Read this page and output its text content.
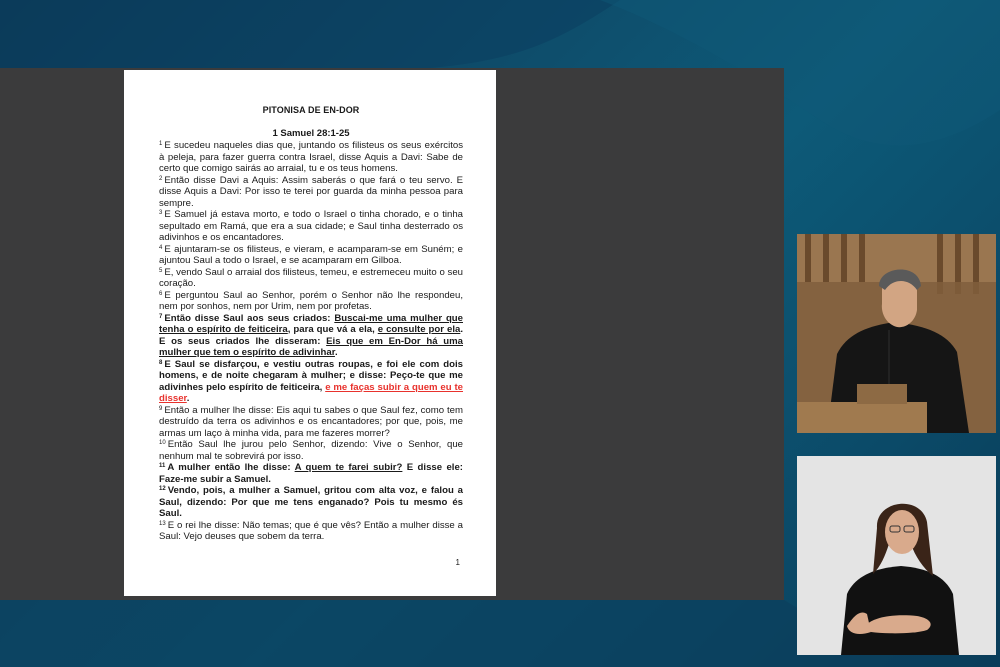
PITONISA DE EN-DOR
1 Samuel 28:1-25
$^1$ E sucedeu naqueles dias que, juntando os filisteus os seus exércitos à peleja, para fazer guerra contra Israel, disse Aquis a Davi: Sabe de certo que comigo sairás ao arraial, tu e os teus homens.
$^2$ Então disse Davi a Aquis: Assim saberás o que fará o teu servo. E disse Aquis a Davi: Por isso te terei por guarda da minha pessoa para sempre.
$^3$ E Samuel já estava morto, e todo o Israel o tinha chorado, e o tinha sepultado em Ramá, que era a sua cidade; e Saul tinha desterrado os adivinhos e os encantadores.
$^4$ E ajuntaram-se os filisteus, e vieram, e acamparam-se em Suném; e ajuntou Saul a todo o Israel, e se acamparam em Gilboa.
$^5$ E, vendo Saul o arraial dos filisteus, temeu, e estremeceu muito o seu coração.
$^6$ E perguntou Saul ao Senhor, porém o Senhor não lhe respondeu, nem por sonhos, nem por Urim, nem por profetas.
$^7$ Então disse Saul aos seus criados: Buscai-me uma mulher que tenha o espírito de feiticeira, para que vá a ela, e consulte por ela. E os seus criados lhe disseram: Eis que em En-Dor há uma mulher que tem o espírito de adivinhar.
$^8$ E Saul se disfarçou, e vestiu outras roupas, e foi ele com dois homens, e de noite chegaram à mulher; e disse: Peço-te que me adivinhes pelo espírito de feiticeira, e me faças subir a quem eu te disser.
$^9$ Então a mulher lhe disse: Eis aqui tu sabes o que Saul fez, como tem destruído da terra os adivinhos e os encantadores; por que, pois, me armas um laço à minha vida, para me fazeres morrer?
$^{10}$ Então Saul lhe jurou pelo Senhor, dizendo: Vive o Senhor, que nenhum mal te sobrevirá por isso.
$^{11}$ A mulher então lhe disse: A quem te farei subir? E disse ele: Faze-me subir a Samuel.
$^{12}$ Vendo, pois, a mulher a Samuel, gritou com alta voz, e falou a Saul, dizendo: Por que me tens enganado? Pois tu mesmo és Saul.
$^{13}$ E o rei lhe disse: Não temas; que é que vês? Então a mulher disse a Saul: Vejo deuses que sobem da terra.
1
